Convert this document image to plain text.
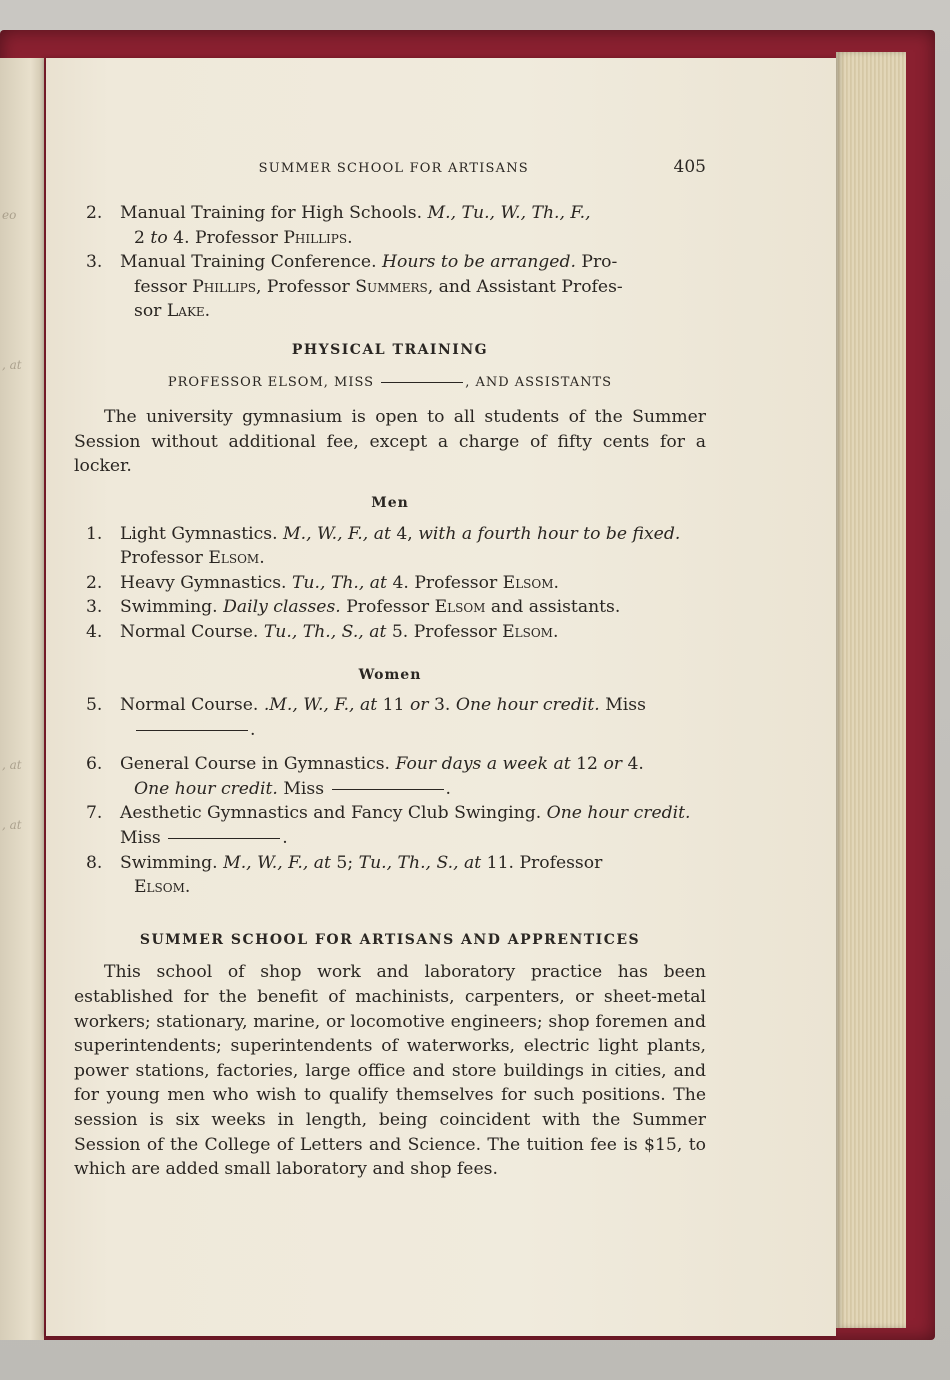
eo
, at
, at
, at
SUMMER SCHOOL FOR ARTISANS	405
2.	Manual Training for High Schools. M., Tu., W., Th., F.,
2 to 4. Professor Phillips.
3.	Manual Training Conference. Hours to be arranged. Pro-
fessor Phillips, Professor Summers, and Assistant Profes-
sor Lake.
PHYSICAL TRAINING
PROFESSOR ELSOM, MISS	, AND ASSISTANTS
The university gymnasium is open to all students of the Summer Session without additional fee, except a charge of fifty cents for a locker.
Men
1.	Light Gymnastics. M., W., F., at 4, with a fourth hour to be fixed. Professor Elsom.
2.	Heavy Gymnastics. Tu., Th., at 4. Professor Elsom.
3.	Swimming. Daily classes. Professor Elsom and assistants.
4.	Normal Course. Tu., Th., S., at 5. Professor Elsom.
Women
5.	Normal Course. .M., W., F., at 11 or 3. One hour credit. Miss
.
6.	General Course in Gymnastics. Four days a week at 12 or 4.
One hour credit. Miss	.
7.	Aesthetic Gymnastics and Fancy Club Swinging. One hour credit. Miss	.
8.	Swimming. M., W., F., at 5; Tu., Th., S., at 11. Professor
Elsom.
SUMMER SCHOOL FOR ARTISANS AND APPRENTICES
This school of shop work and laboratory practice has been established for the benefit of machinists, carpenters, or sheet-metal workers; stationary, marine, or locomotive engineers; shop foremen and superintendents; superintendents of waterworks, electric light plants, power stations, factories, large office and store buildings in cities, and for young men who wish to qualify themselves for such positions. The session is six weeks in length, being coincident with the Summer Session of the College of Letters and Science. The tuition fee is $15, to which are added small laboratory and shop fees.
